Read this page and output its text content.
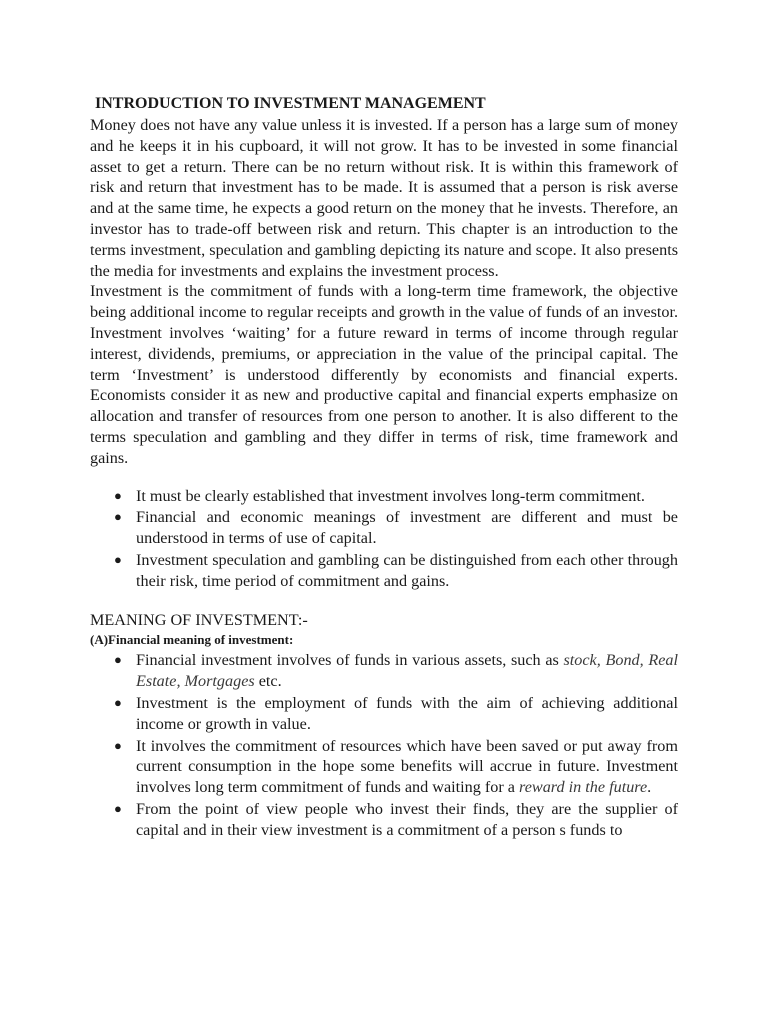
INTRODUCTION TO INVESTMENT MANAGEMENT

Money does not have any value unless it is invested. If a person has a large sum of money and he keeps it in his cupboard, it will not grow. It has to be invested in some financial asset to get a return. There can be no return without risk. It is within this framework of risk and return that investment has to be made. It is assumed that a person is risk averse and at the same time, he expects a good return on the money that he invests. Therefore, an investor has to trade-off between risk and return. This chapter is an introduction to the terms investment, speculation and gambling depicting its nature and scope. It also presents the media for investments and explains the investment process.

Investment is the commitment of funds with a long-term time framework, the objective being additional income to regular receipts and growth in the value of funds of an investor. Investment involves ‘waiting’ for a future reward in terms of income through regular interest, dividends, premiums, or appreciation in the value of the principal capital. The term ‘Investment’ is understood differently by economists and financial experts. Economists consider it as new and productive capital and financial experts emphasize on allocation and transfer of resources from one person to another. It is also different to the terms speculation and gambling and they differ in terms of risk, time framework and gains.

● It must be clearly established that investment involves long-term commitment.
● Financial and economic meanings of investment are different and must be understood in terms of use of capital.
● Investment speculation and gambling can be distinguished from each other through their risk, time period of commitment and gains.
MEANING OF INVESTMENT:-
(A)Financial meaning of investment:
● Financial investment involves of funds in various assets, such as stock, Bond, Real Estate, Mortgages etc.
● Investment is the employment of funds with the aim of achieving additional income or growth in value.
● It involves the commitment of resources which have been saved or put away from current consumption in the hope some benefits will accrue in future. Investment involves long term commitment of funds and waiting for a reward in the future.
● From the point of view people who invest their finds, they are the supplier of capital and in their view investment is a commitment of a person s funds to
